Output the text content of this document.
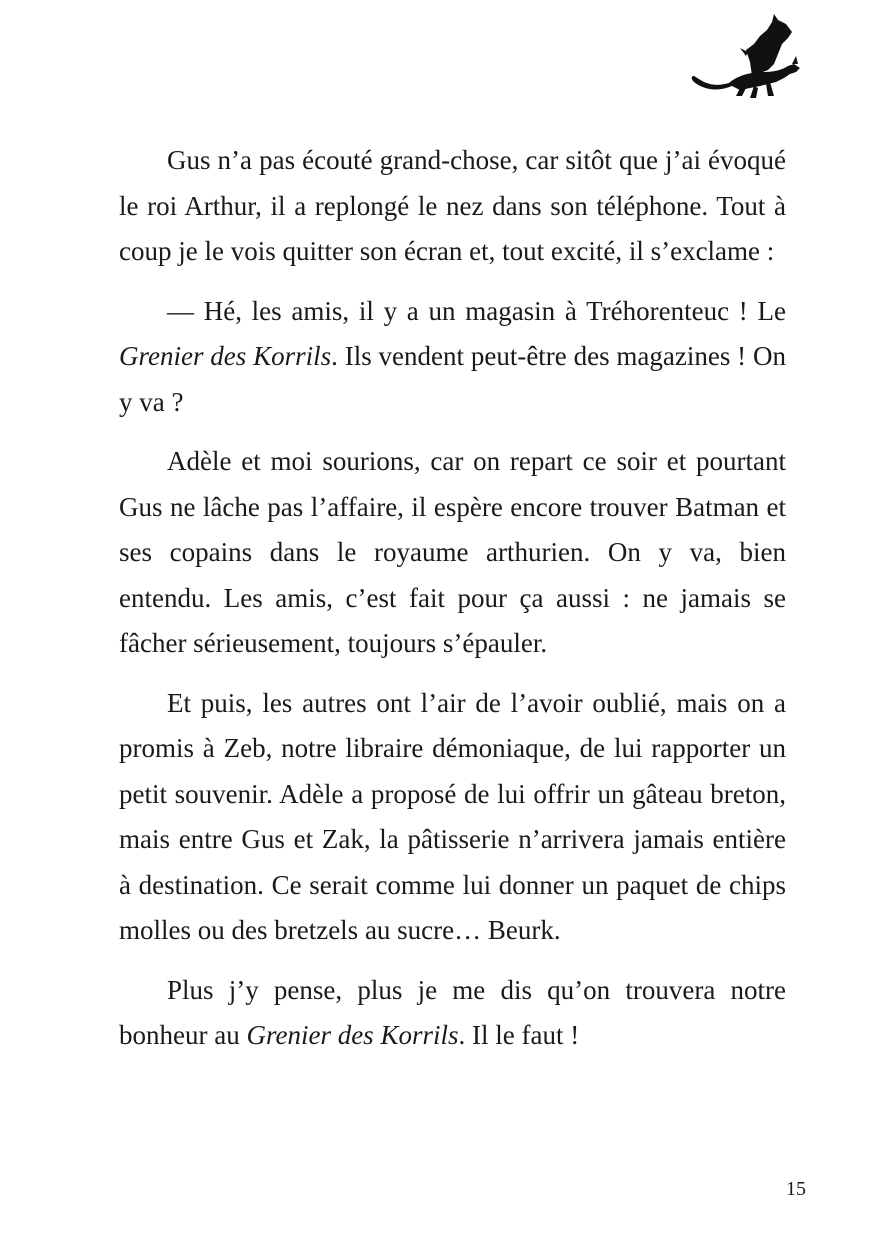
Gus n’a pas écouté grand-chose, car sitôt que j’ai évoqué le roi Arthur, il a replongé le nez dans son téléphone. Tout à coup je le vois quitter son écran et, tout excité, il s’exclame :

— Hé, les amis, il y a un magasin à Tréhorenteuc ! Le Grenier des Korrils. Ils vendent peut-être des magazines ! On y va ?

Adèle et moi sourions, car on repart ce soir et pourtant Gus ne lâche pas l’affaire, il espère encore trouver Batman et ses copains dans le royaume arthurien. On y va, bien entendu. Les amis, c’est fait pour ça aussi : ne jamais se fâcher sérieusement, toujours s’épauler.

Et puis, les autres ont l’air de l’avoir oublié, mais on a promis à Zeb, notre libraire démoniaque, de lui rapporter un petit souvenir. Adèle a proposé de lui offrir un gâteau breton, mais entre Gus et Zak, la pâtisserie n’arrivera jamais entière à destination. Ce serait comme lui donner un paquet de chips molles ou des bretzels au sucre… Beurk.

Plus j’y pense, plus je me dis qu’on trouvera notre bonheur au Grenier des Korrils. Il le faut !

15
